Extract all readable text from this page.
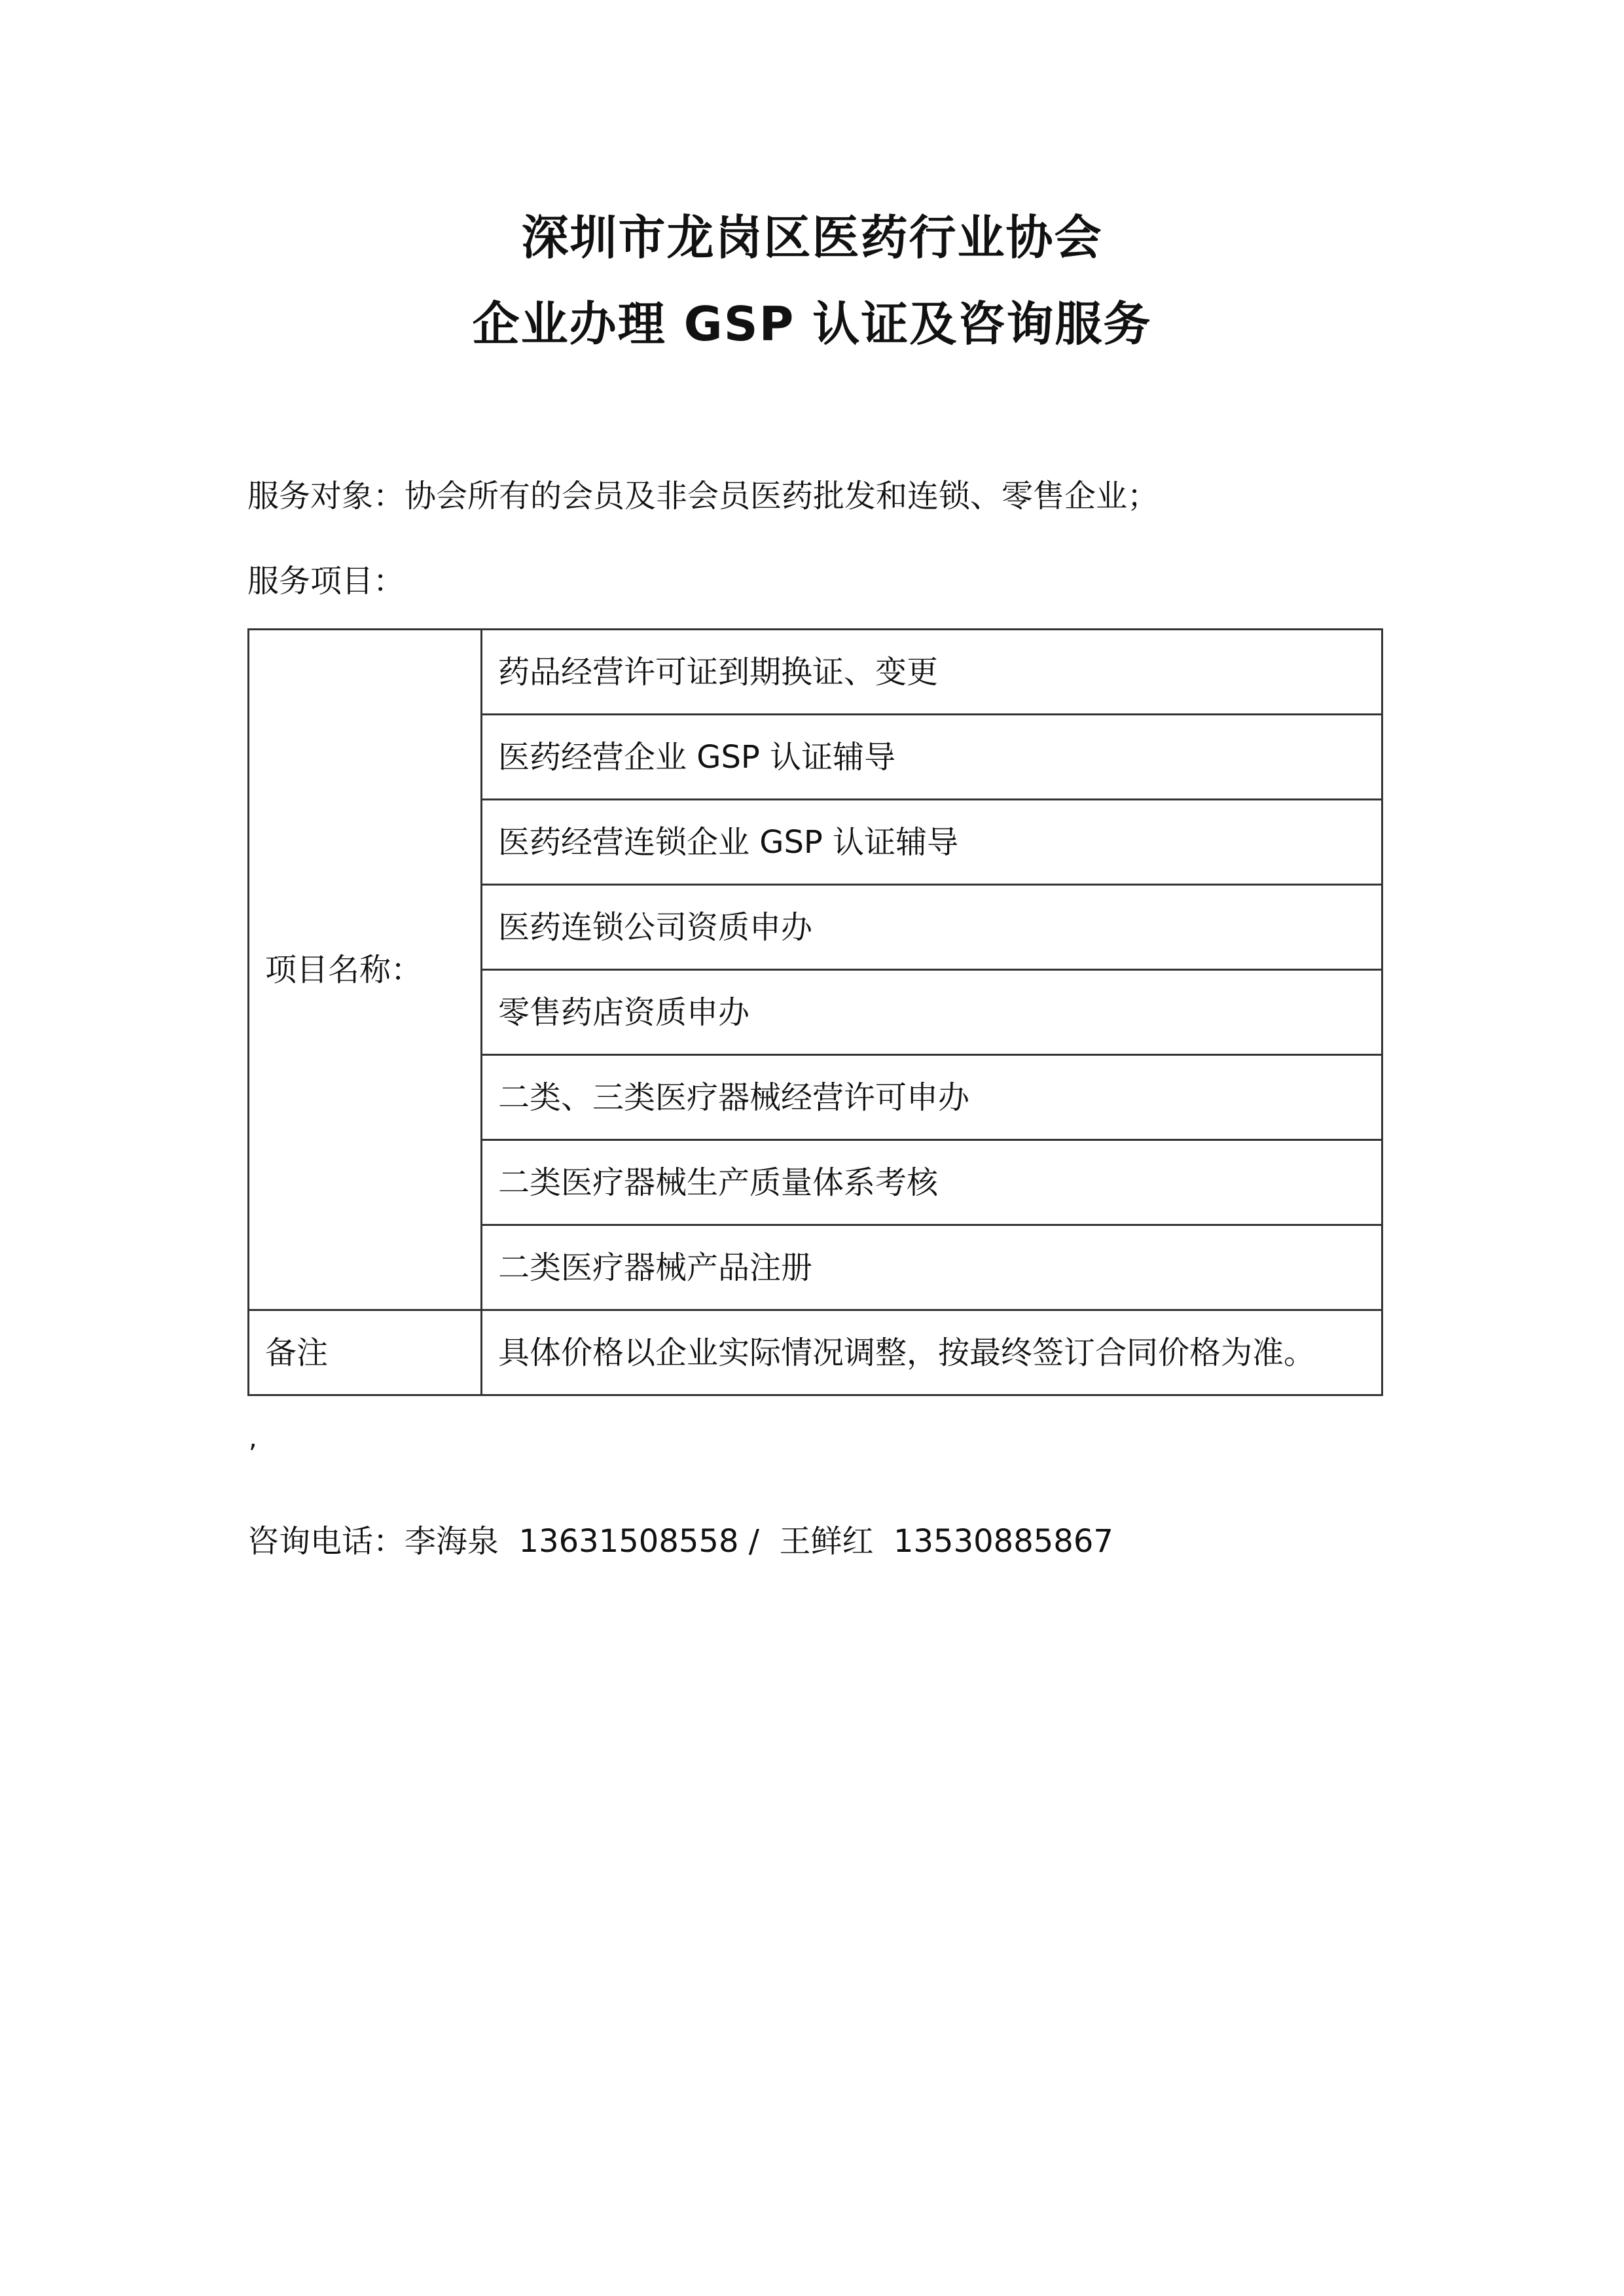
深圳市龙岗区医药行业协会
企业办理 GSP 认证及咨询服务
服务对象：协会所有的会员及非会员医药批发和连锁、零售企业；
服务项目：
项目名称：	药品经营许可证到期换证、变更
	医药经营企业 GSP 认证辅导
	医药经营连锁企业 GSP 认证辅导
	医药连锁公司资质申办
	零售药店资质申办
	二类、三类医疗器械经营许可申办
	二类医疗器械生产质量体系考核
	二类医疗器械产品注册
备注	具体价格以企业实际情况调整，按最终签订合同价格为准。
,
咨询电话：李海泉 13631508558 / 王鲜红 13530885867
